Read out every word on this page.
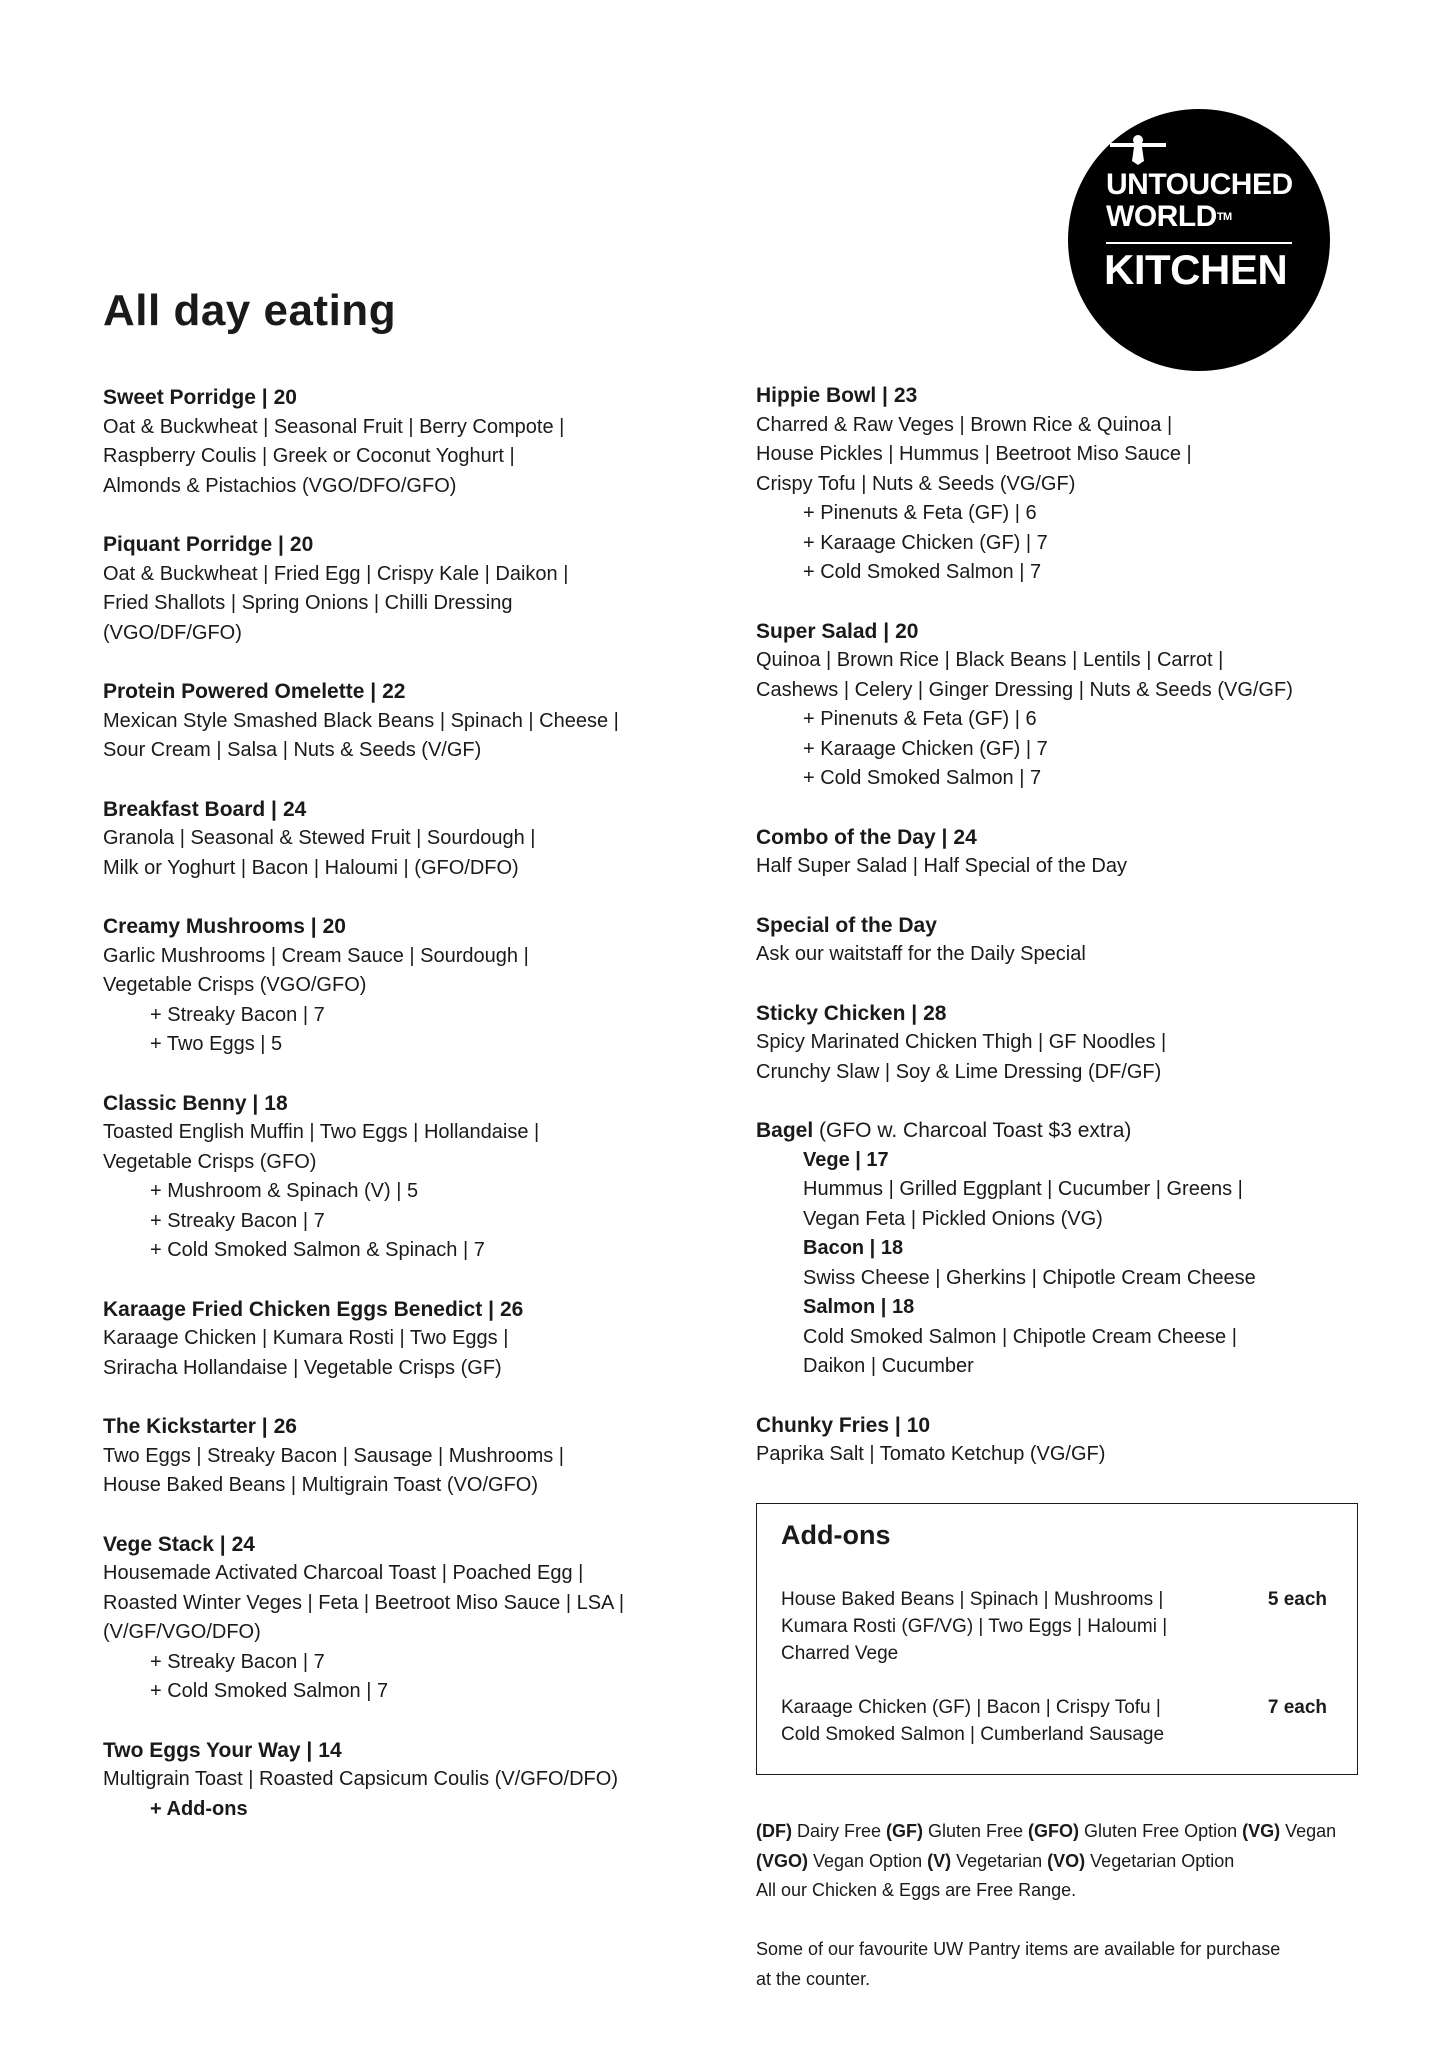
UNTOUCHED
WORLD™
KITCHEN
All day eating
Sweet Porridge | 20
Oat & Buckwheat | Seasonal Fruit | Berry Compote |
Raspberry Coulis | Greek or Coconut Yoghurt |
Almonds & Pistachios (VGO/DFO/GFO)
Piquant Porridge | 20
Oat & Buckwheat | Fried Egg | Crispy Kale | Daikon |
Fried Shallots | Spring Onions | Chilli Dressing
(VGO/DF/GFO)
Protein Powered Omelette | 22
Mexican Style Smashed Black Beans | Spinach | Cheese |
Sour Cream | Salsa | Nuts & Seeds (V/GF)
Breakfast Board | 24
Granola | Seasonal & Stewed Fruit | Sourdough |
Milk or Yoghurt | Bacon | Haloumi | (GFO/DFO)
Creamy Mushrooms | 20
Garlic Mushrooms | Cream Sauce | Sourdough |
Vegetable Crisps (VGO/GFO)
+ Streaky Bacon | 7
+ Two Eggs | 5
Classic Benny | 18
Toasted English Muffin | Two Eggs | Hollandaise |
Vegetable Crisps (GFO)
+ Mushroom & Spinach (V) | 5
+ Streaky Bacon | 7
+ Cold Smoked Salmon & Spinach | 7
Karaage Fried Chicken Eggs Benedict | 26
Karaage Chicken | Kumara Rosti | Two Eggs |
Sriracha Hollandaise | Vegetable Crisps (GF)
The Kickstarter | 26
Two Eggs | Streaky Bacon | Sausage | Mushrooms |
House Baked Beans | Multigrain Toast (VO/GFO)
Vege Stack | 24
Housemade Activated Charcoal Toast | Poached Egg |
Roasted Winter Veges | Feta | Beetroot Miso Sauce | LSA |
(V/GF/VGO/DFO)
+ Streaky Bacon | 7
+ Cold Smoked Salmon | 7
Two Eggs Your Way | 14
Multigrain Toast | Roasted Capsicum Coulis (V/GFO/DFO)
+ Add-ons
Hippie Bowl | 23
Charred & Raw Veges | Brown Rice & Quinoa |
House Pickles | Hummus | Beetroot Miso Sauce |
Crispy Tofu | Nuts & Seeds (VG/GF)
+ Pinenuts & Feta (GF) | 6
+ Karaage Chicken (GF) | 7
+ Cold Smoked Salmon | 7
Super Salad | 20
Quinoa | Brown Rice | Black Beans | Lentils | Carrot |
Cashews | Celery | Ginger Dressing | Nuts & Seeds (VG/GF)
+ Pinenuts & Feta (GF) | 6
+ Karaage Chicken (GF) | 7
+ Cold Smoked Salmon | 7
Combo of the Day | 24
Half Super Salad | Half Special of the Day
Special of the Day
Ask our waitstaff for the Daily Special
Sticky Chicken | 28
Spicy Marinated Chicken Thigh | GF Noodles |
Crunchy Slaw | Soy & Lime Dressing (DF/GF)
Bagel (GFO w. Charcoal Toast $3 extra)
Vege | 17
Hummus | Grilled Eggplant | Cucumber | Greens |
Vegan Feta | Pickled Onions (VG)
Bacon | 18
Swiss Cheese | Gherkins | Chipotle Cream Cheese
Salmon | 18
Cold Smoked Salmon | Chipotle Cream Cheese |
Daikon | Cucumber
Chunky Fries | 10
Paprika Salt | Tomato Ketchup (VG/GF)
Add-ons
House Baked Beans | Spinach | Mushrooms |
Kumara Rosti (GF/VG) | Two Eggs | Haloumi |
Charred Vege
5 each
Karaage Chicken (GF) | Bacon | Crispy Tofu |
Cold Smoked Salmon | Cumberland Sausage
7 each
(DF) Dairy Free (GF) Gluten Free (GFO) Gluten Free Option (VG) Vegan
(VGO) Vegan Option (V) Vegetarian (VO) Vegetarian Option
All our Chicken & Eggs are Free Range.
Some of our favourite UW Pantry items are available for purchase
at the counter.
